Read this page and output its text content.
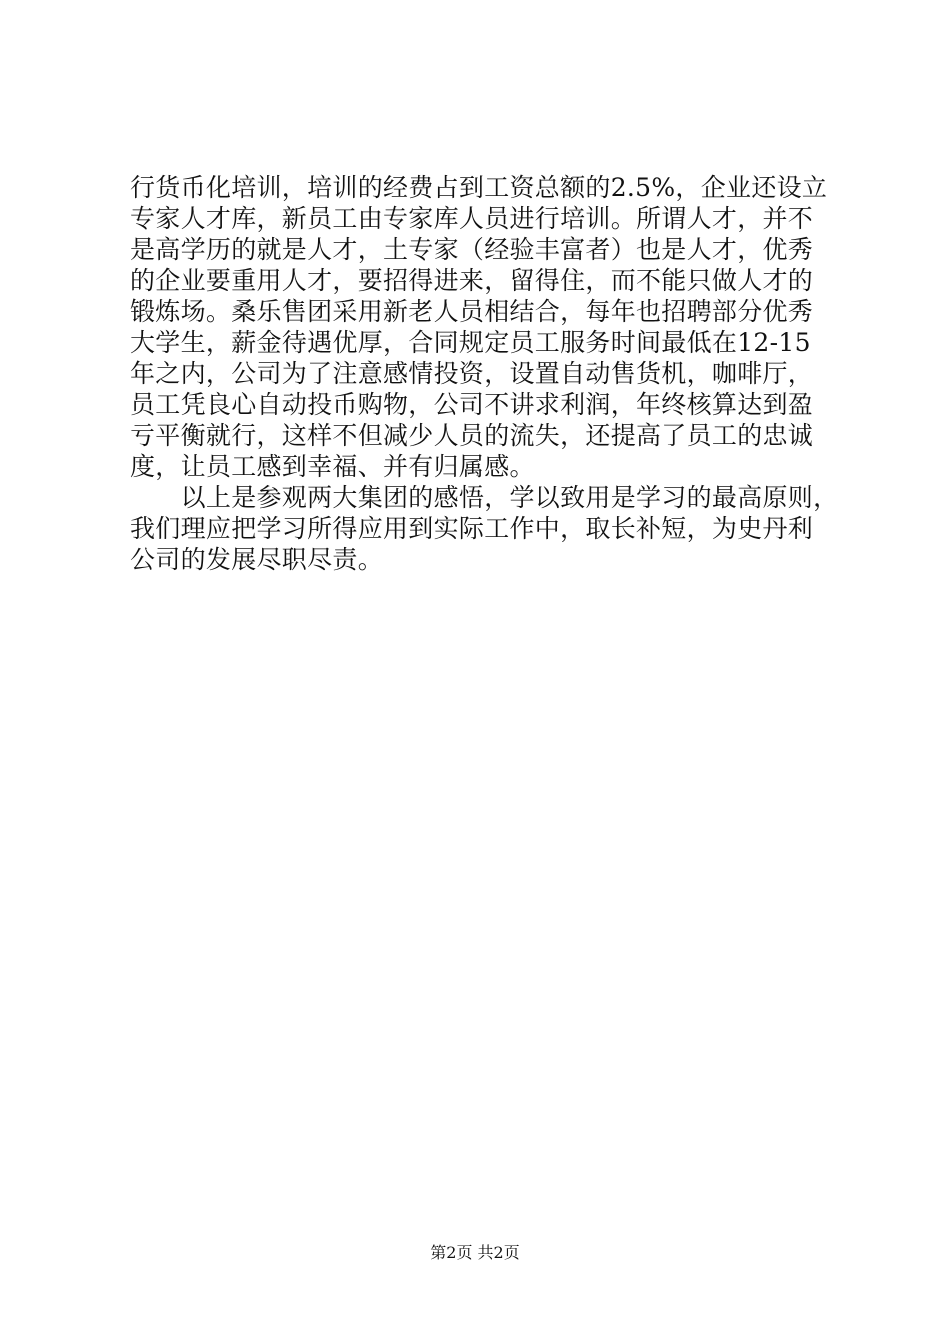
行货币化培训，培训的经费占到工资总额的2.5%，企业还设立
专家人才库，新员工由专家库人员进行培训。所谓人才，并不
是高学历的就是人才，土专家（经验丰富者）也是人才，优秀
的企业要重用人才，要招得进来，留得住，而不能只做人才的
锻炼场。桑乐售团采用新老人员相结合，每年也招聘部分优秀
大学生，薪金待遇优厚，合同规定员工服务时间最低在12-15
年之内，公司为了注意感情投资，设置自动售货机，咖啡厅，
员工凭良心自动投币购物，公司不讲求利润，年终核算达到盈
亏平衡就行，这样不但减少人员的流失，还提高了员工的忠诚
度，让员工感到幸福、并有归属感。
　　以上是参观两大集团的感悟，学以致用是学习的最高原则，
我们理应把学习所得应用到实际工作中，取长补短，为史丹利
公司的发展尽职尽责。
第2页 共2页
